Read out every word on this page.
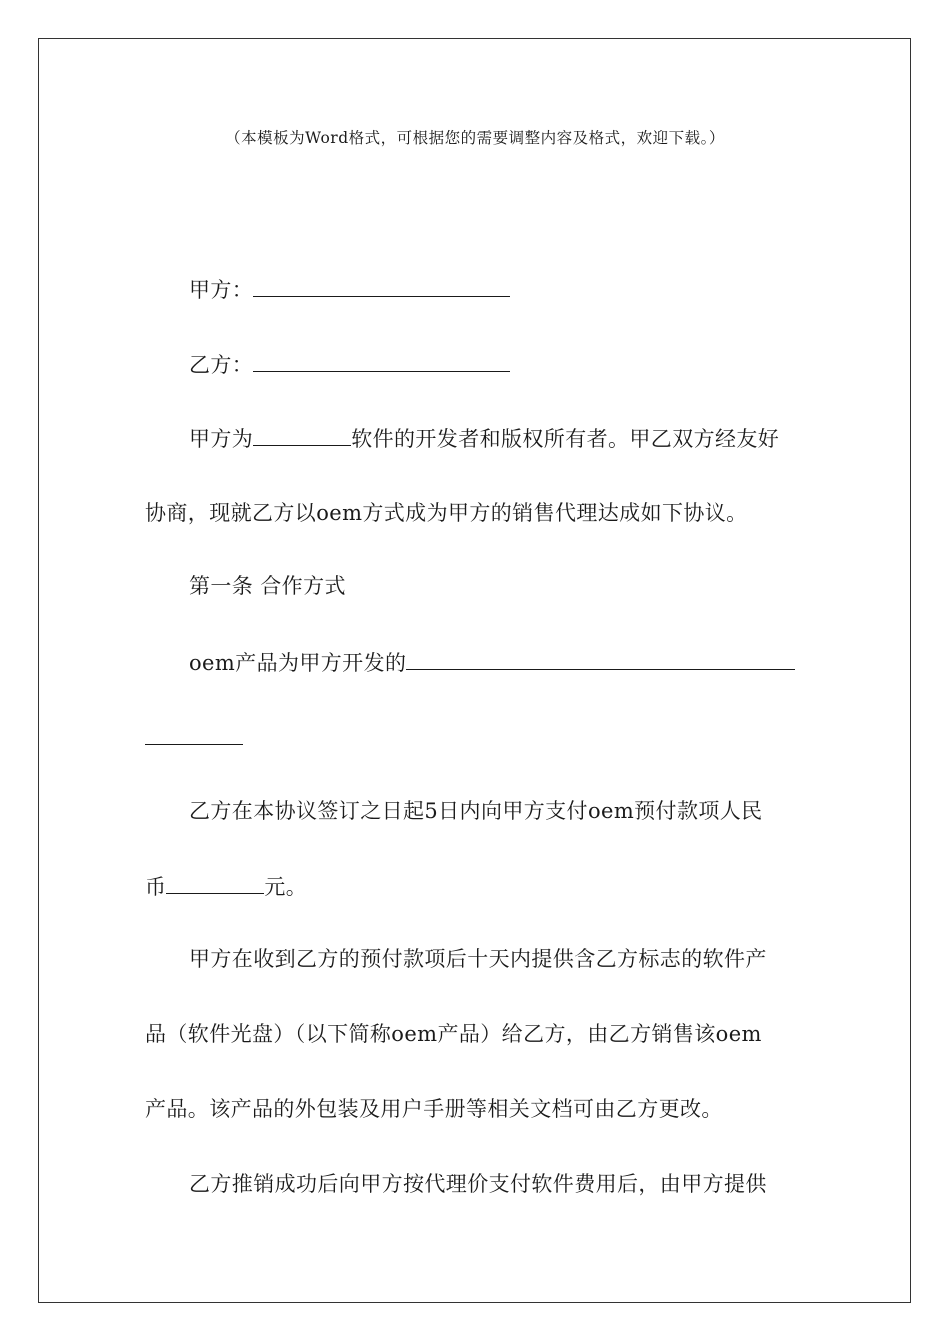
（本模板为Word格式，可根据您的需要调整内容及格式，欢迎下载。）
甲方：
乙方：
甲方为	软件的开发者和版权所有者。甲乙双方经友好
协商，现就乙方以oem方式成为甲方的销售代理达成如下协议。
第一条 合作方式
oem产品为甲方开发的
乙方在本协议签订之日起5日内向甲方支付oem预付款项人民
币	元。
甲方在收到乙方的预付款项后十天内提供含乙方标志的软件产
品（软件光盘）（以下简称oem产品）给乙方，由乙方销售该oem
产品。该产品的外包装及用户手册等相关文档可由乙方更改。
乙方推销成功后向甲方按代理价支付软件费用后，由甲方提供
